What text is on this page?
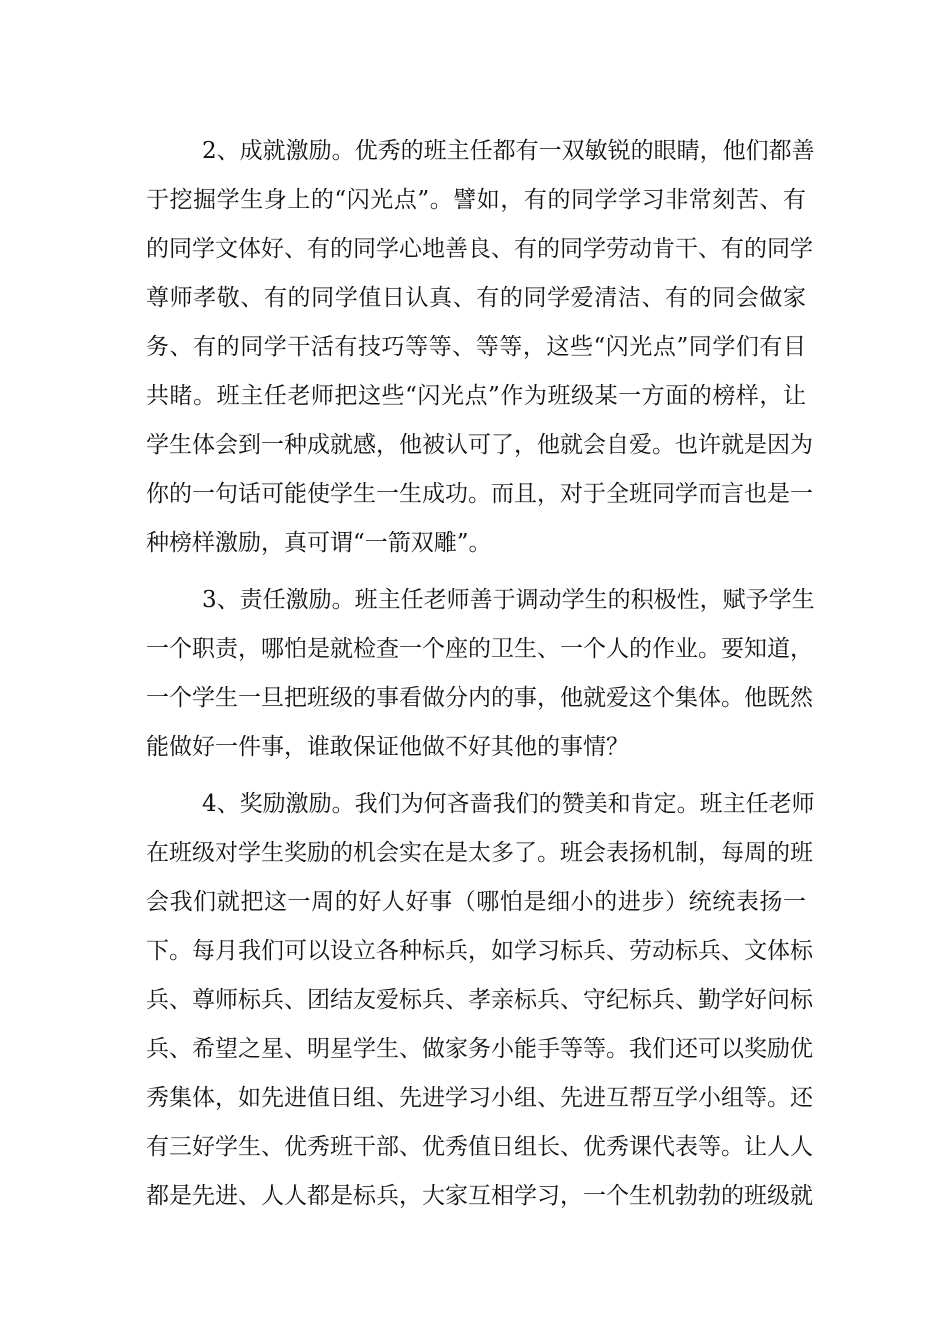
2、成就激励。优秀的班主任都有一双敏锐的眼睛，他们都善
于挖掘学生身上的“闪光点”。譬如，有的同学学习非常刻苦、有
的同学文体好、有的同学心地善良、有的同学劳动肯干、有的同学
尊师孝敬、有的同学值日认真、有的同学爱清洁、有的同会做家
务、有的同学干活有技巧等等、等等，这些“闪光点”同学们有目
共睹。班主任老师把这些“闪光点”作为班级某一方面的榜样，让
学生体会到一种成就感，他被认可了，他就会自爱。也许就是因为
你的一句话可能使学生一生成功。而且，对于全班同学而言也是一
种榜样激励，真可谓“一箭双雕”。
3、责任激励。班主任老师善于调动学生的积极性，赋予学生
一个职责，哪怕是就检查一个座的卫生、一个人的作业。要知道，
一个学生一旦把班级的事看做分内的事，他就爱这个集体。他既然
能做好一件事，谁敢保证他做不好其他的事情？
4、奖励激励。我们为何吝啬我们的赞美和肯定。班主任老师
在班级对学生奖励的机会实在是太多了。班会表扬机制，每周的班
会我们就把这一周的好人好事（哪怕是细小的进步）统统表扬一
下。每月我们可以设立各种标兵，如学习标兵、劳动标兵、文体标
兵、尊师标兵、团结友爱标兵、孝亲标兵、守纪标兵、勤学好问标
兵、希望之星、明星学生、做家务小能手等等。我们还可以奖励优
秀集体，如先进值日组、先进学习小组、先进互帮互学小组等。还
有三好学生、优秀班干部、优秀值日组长、优秀课代表等。让人人
都是先进、人人都是标兵，大家互相学习，一个生机勃勃的班级就
